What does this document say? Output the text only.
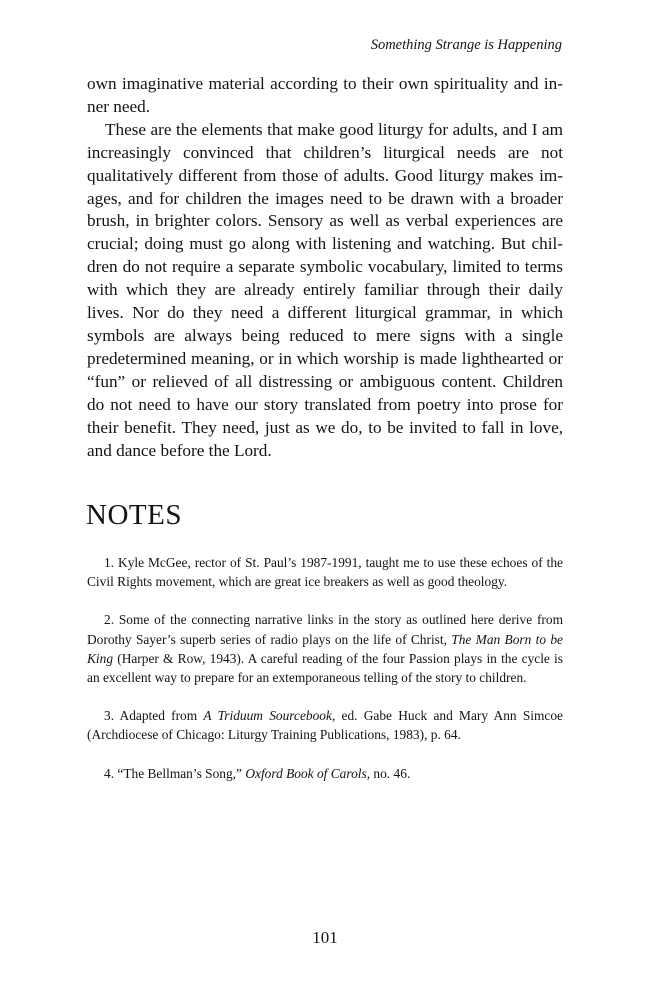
Something Strange is Happening

own imaginative material according to their own spirituality and inner need.

These are the elements that make good liturgy for adults, and I am increasingly convinced that children’s liturgical needs are not qualitatively different from those of adults. Good liturgy makes images, and for children the images need to be drawn with a broader brush, in brighter colors. Sensory as well as verbal experiences are crucial; doing must go along with listening and watching. But children do not require a separate symbolic vocabulary, limited to terms with which they are already entirely familiar through their daily lives. Nor do they need a different liturgical grammar, in which symbols are always being reduced to mere signs with a single predetermined meaning, or in which worship is made lighthearted or “fun” or relieved of all distressing or ambiguous content. Children do not need to have our story translated from poetry into prose for their benefit. They need, just as we do, to be invited to fall in love, and dance before the Lord.

NOTES

1. Kyle McGee, rector of St. Paul’s 1987-1991, taught me to use these echoes of the Civil Rights movement, which are great ice breakers as well as good theology.

2. Some of the connecting narrative links in the story as outlined here derive from Dorothy Sayer’s superb series of radio plays on the life of Christ, The Man Born to be King (Harper & Row, 1943). A careful reading of the four Passion plays in the cycle is an excellent way to prepare for an extemporaneous telling of the story to children.

3. Adapted from A Triduum Sourcebook, ed. Gabe Huck and Mary Ann Simcoe (Archdiocese of Chicago: Liturgy Training Publications, 1983), p. 64.

4. “The Bellman’s Song,” Oxford Book of Carols, no. 46.

101
